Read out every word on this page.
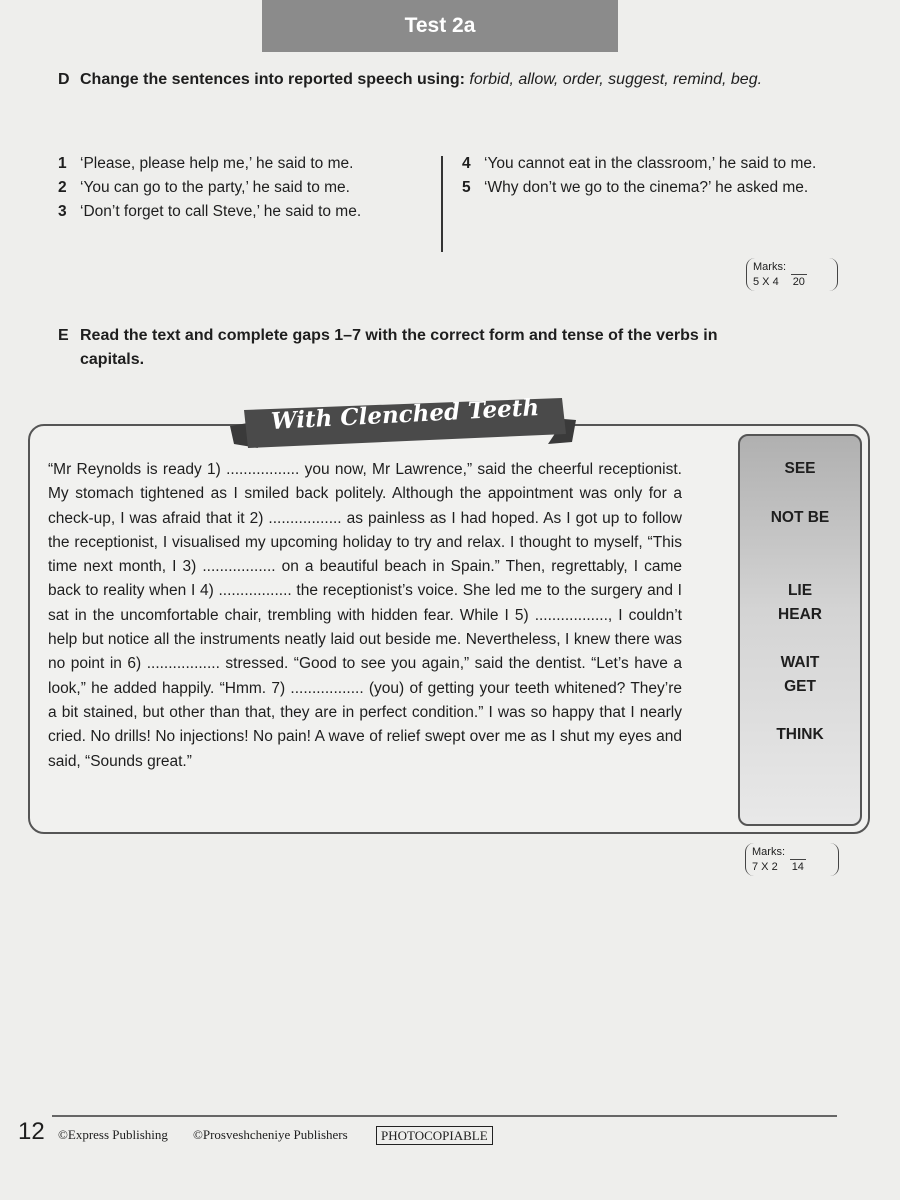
Test 2a
D Change the sentences into reported speech using: forbid, allow, order, suggest, remind, beg.
1 ‘Please, please help me,’ he said to me.
2 ‘You can go to the party,’ he said to me.
3 ‘Don’t forget to call Steve,’ he said to me.
4 ‘You cannot eat in the classroom,’ he said to me.
5 ‘Why don’t we go to the cinema?’ he asked me.
Marks:
5 X 4 20
E Read the text and complete gaps 1–7 with the correct form and tense of the verbs in
capitals.
With Clenched Teeth
“Mr Reynolds is ready 1) ................. you now, Mr Lawrence,” said the cheerful receptionist. My stomach tightened as I smiled back politely. Although the appointment was only for a check-up, I was afraid that it 2) ................. as painless as I had hoped. As I got up to follow the receptionist, I visualised my upcoming holiday to try and relax. I thought to myself, “This time next month, I 3) ................. on a beautiful beach in Spain.” Then, regrettably, I came back to reality when I 4) ................. the receptionist’s voice. She led me to the surgery and I sat in the uncomfortable chair, trembling with hidden fear. While I 5) ................., I couldn’t help but notice all the instruments neatly laid out beside me. Nevertheless, I knew there was no point in 6) ................. stressed. “Good to see you again,” said the dentist. “Let’s have a look,” he added happily. “Hmm. 7) ................. (you) of getting your teeth whitened? They’re a bit stained, but other than that, they are in perfect condition.” I was so happy that I nearly cried. No drills! No injections! No pain! A wave of relief swept over me as I shut my eyes and said, “Sounds great.”
SEE
NOT BE
LIE
HEAR
WAIT
GET
THINK
Marks:
7 X 2 14
12 ©Express Publishing ©Prosveshcheniye Publishers	PHOTOCOPIABLE
